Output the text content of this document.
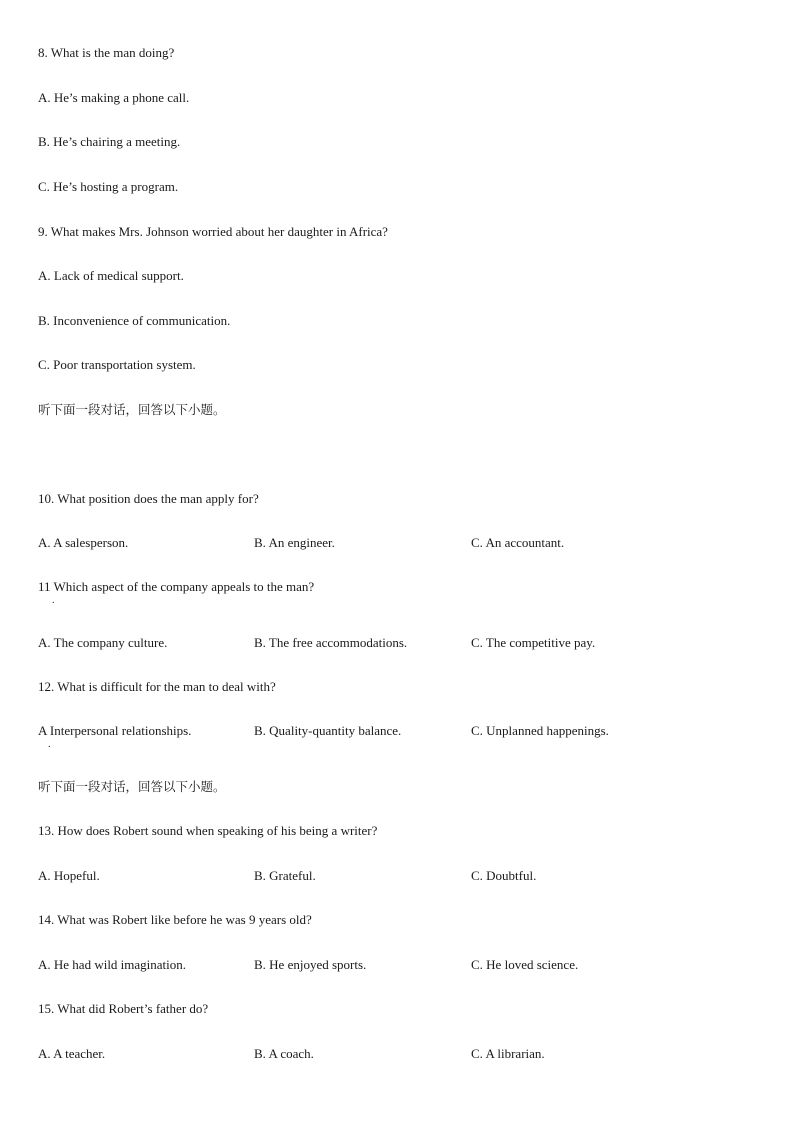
8. What is the man doing?
A. He’s making a phone call.
B. He’s chairing a meeting.
C. He’s hosting a program.
9. What makes Mrs. Johnson worried about her daughter in Africa?
A. Lack of medical support.
B. Inconvenience of communication.
C. Poor transportation system.
听下面一段对话，回答以下小题。
10. What position does the man apply for?
A. A salesperson.	B. An engineer.	C. An accountant.
11 Which aspect of the company appeals to the man?
.
A. The company culture.	B. The free accommodations.	C. The competitive pay.
12. What is difficult for the man to deal with?
A Interpersonal relationships.
.
B. Quality-quantity balance.	C. Unplanned happenings.
听下面一段对话，回答以下小题。
13. How does Robert sound when speaking of his being a writer?
A. Hopeful.	B. Grateful.	C. Doubtful.
14. What was Robert like before he was 9 years old?
A. He had wild imagination.	B. He enjoyed sports.	C. He loved science.
15. What did Robert’s father do?
A. A teacher.	B. A coach.	C. A librarian.
